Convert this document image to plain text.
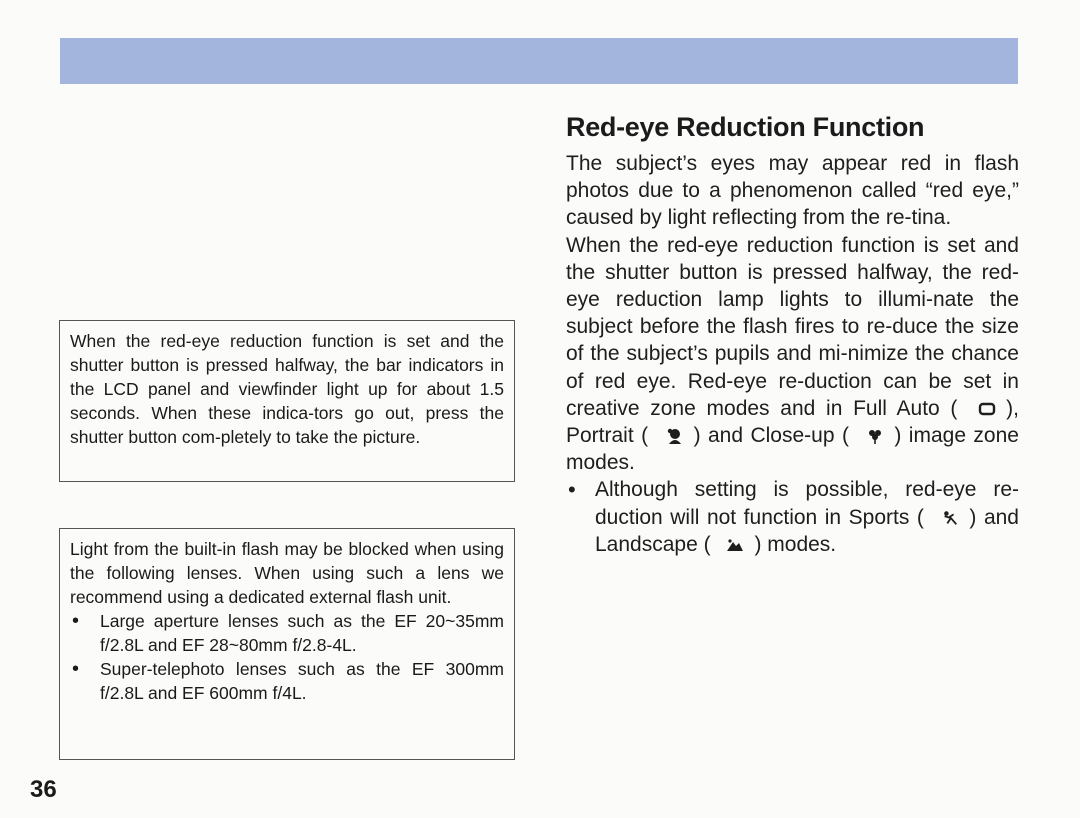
When the red-eye reduction function is set and the shutter button is pressed halfway, the bar indicators in the LCD panel and viewfinder light up for about 1.5 seconds. When these indica-tors go out, press the shutter button com-pletely to take the picture.

Light from the built-in flash may be blocked when using the following lenses. When using such a lens we recommend using a dedicated external flash unit.

• Large aperture lenses such as the EF 20~35mm f/2.8L and EF 28~80mm f/2.8-4L.
• Super-telephoto lenses such as the EF 300mm f/2.8L and EF 600mm f/4L.
Red-eye Reduction Function

The subject’s eyes may appear red in flash photos due to a phenomenon called “red eye,” caused by light reflecting from the re-tina.

When the red-eye reduction function is set and the shutter button is pressed halfway, the red-eye reduction lamp lights to illumi-nate the subject before the flash fires to re-duce the size of the subject’s pupils and mi-nimize the chance of red eye. Red-eye re-duction can be set in creative zone modes and in Full Auto ( ), Portrait ( ) and Close-up ( ) image zone modes.

• Although setting is possible, red-eye re-duction will not function in Sports ( ) and Landscape ( ) modes.
36
